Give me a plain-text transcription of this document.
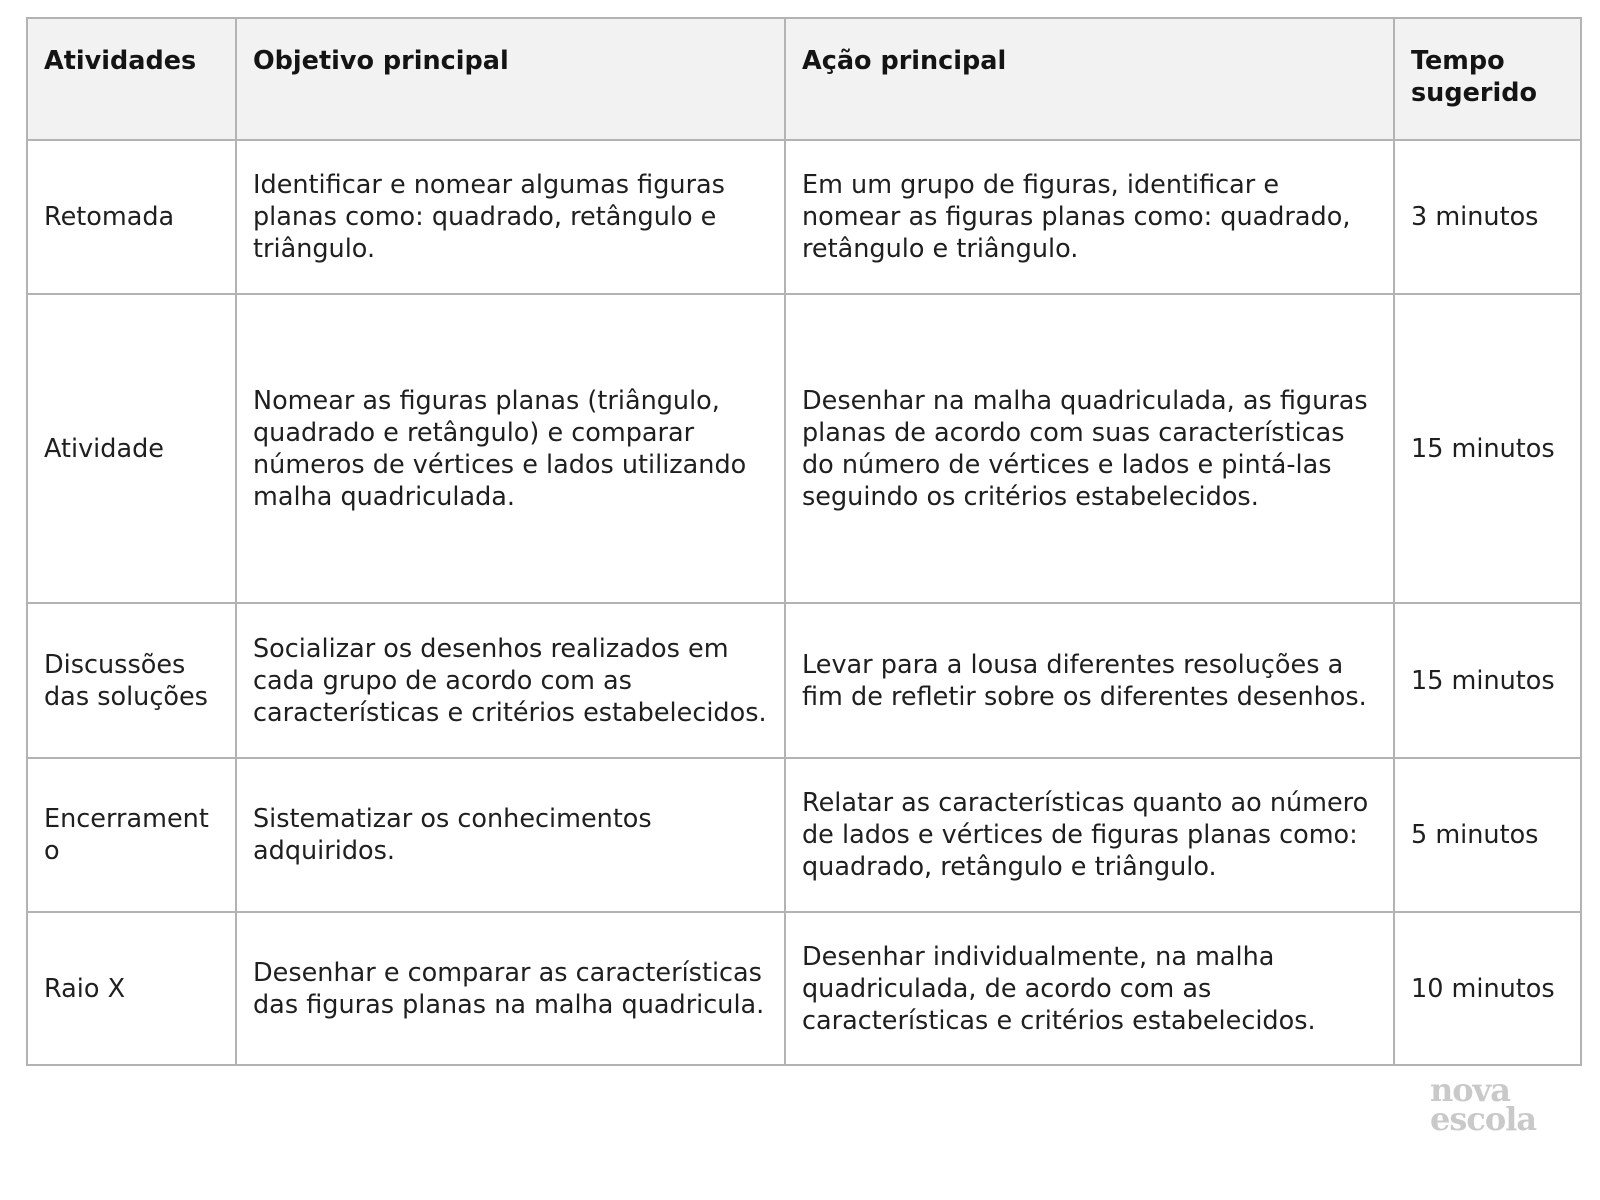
Atividades	Objetivo principal	Ação principal	Tempo sugerido
Retomada	Identificar e nomear algumas figuras planas como: quadrado, retângulo e triângulo.	Em um grupo de figuras, identificar e nomear as figuras planas como: quadrado, retângulo e triângulo.	3 minutos
Atividade	Nomear as figuras planas (triângulo, quadrado e retângulo) e comparar números de vértices e lados utilizando malha quadriculada.	Desenhar na malha quadriculada, as figuras planas de acordo com suas características do número de vértices e lados e pintá-las seguindo os critérios estabelecidos.	15 minutos
Discussões das soluções	Socializar os desenhos realizados em cada grupo de acordo com as características e critérios estabelecidos.	Levar para a lousa diferentes resoluções a fim de refletir sobre os diferentes desenhos.	15 minutos
Encerramento	Sistematizar os conhecimentos adquiridos.	Relatar as características quanto ao número de lados e vértices de figuras planas como: quadrado, retângulo e triângulo.	5 minutos
Raio X	Desenhar e comparar as características das figuras planas na malha quadricula.	Desenhar individualmente, na malha quadriculada, de acordo com as características e critérios estabelecidos.	10 minutos
nova
escola
